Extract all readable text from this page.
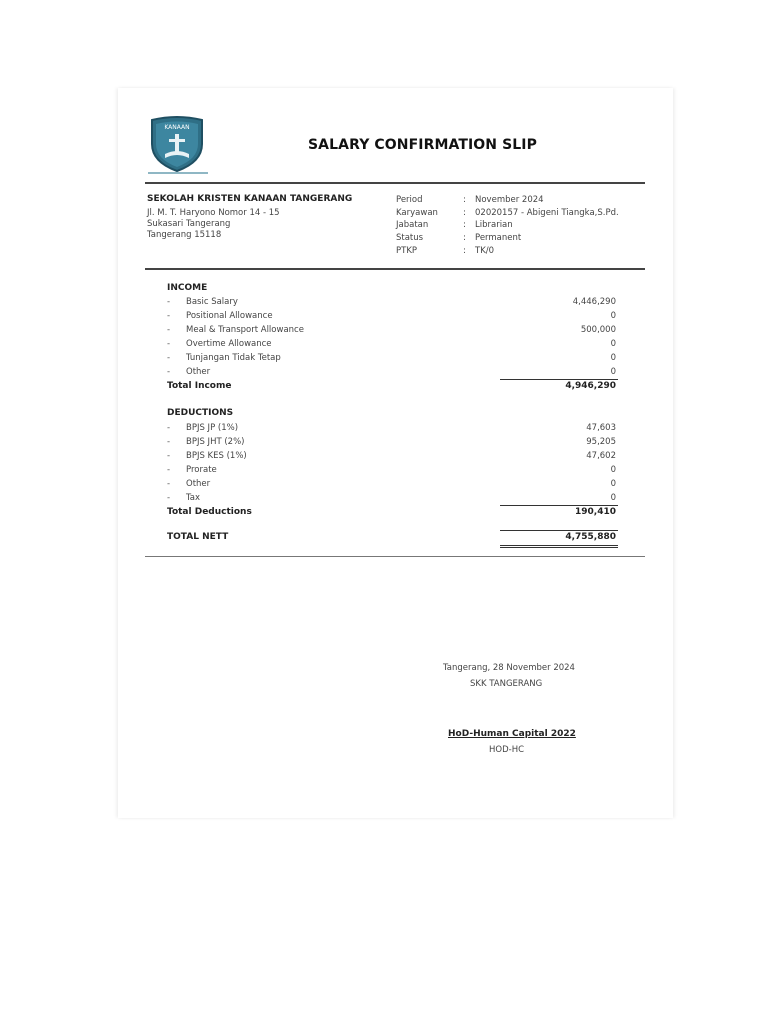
KANAAN
SALARY CONFIRMATION SLIP
SEKOLAH KRISTEN KANAAN TANGERANG
Jl. M. T. Haryono Nomor 14 - 15
Sukasari Tangerang
Tangerang 15118
Period	: November 2024
Karyawan	: 02020157 - Abigeni Tiangka,S.Pd.
Jabatan	: Librarian
Status	: Permanent
PTKP	: TK/0
INCOME
- Basic Salary	4,446,290
- Positional Allowance	0
- Meal & Transport Allowance	500,000
- Overtime Allowance	0
- Tunjangan Tidak Tetap	0
- Other	0
Total Income	4,946,290
DEDUCTIONS
- BPJS JP (1%)	47,603
- BPJS JHT (2%)	95,205
- BPJS KES (1%)	47,602
- Prorate	0
- Other	0
- Tax	0
Total Deductions	190,410
TOTAL NETT	4,755,880
Tangerang, 28 November 2024
SKK TANGERANG
HoD-Human Capital 2022
HOD-HC
